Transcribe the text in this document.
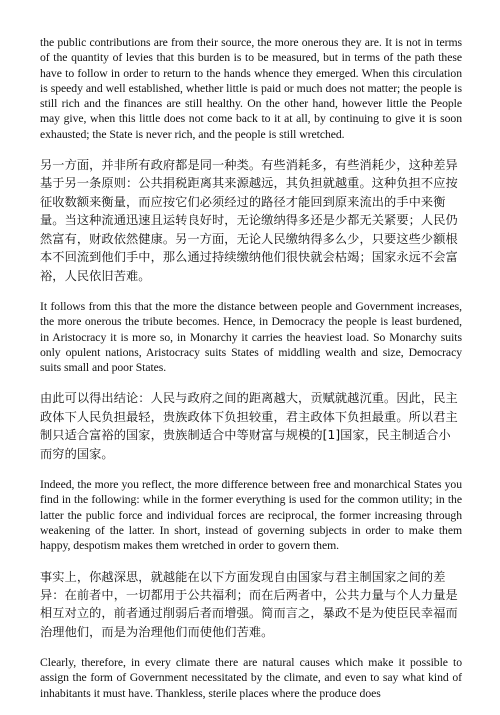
the public contributions are from their source, the more onerous they are. It is not in terms of the quantity of levies that this burden is to be measured, but in terms of the path these have to follow in order to return to the hands whence they emerged. When this circulation is speedy and well established, whether little is paid or much does not matter; the people is still rich and the finances are still healthy. On the other hand, however little the People may give, when this little does not come back to it at all, by continuing to give it is soon exhausted; the State is never rich, and the people is still wretched.

另一方面，并非所有政府都是同一种类。有些消耗多，有些消耗少，这种差异基于另一条原则：公共捐税距离其来源越远，其负担就越重。这种负担不应按征收数额来衡量，而应按它们必须经过的路径才能回到原来流出的手中来衡量。当这种流通迅速且运转良好时，无论缴纳得多还是少都无关紧要；人民仍然富有，财政依然健康。另一方面，无论人民缴纳得多么少，只要这些少额根本不回流到他们手中，那么通过持续缴纳他们很快就会枯竭；国家永远不会富裕，人民依旧苦难。

It follows from this that the more the distance between people and Government increases, the more onerous the tribute becomes. Hence, in Democracy the people is least burdened, in Aristocracy it is more so, in Monarchy it carries the heaviest load. So Monarchy suits only opulent nations, Aristocracy suits States of middling wealth and size, Democracy suits small and poor States.

由此可以得出结论：人民与政府之间的距离越大，贡赋就越沉重。因此，民主政体下人民负担最轻，贵族政体下负担较重，君主政体下负担最重。所以君主制只适合富裕的国家，贵族制适合中等财富与规模的[1]国家，民主制适合小而穷的国家。

Indeed, the more you reflect, the more difference between free and monarchical States you find in the following: while in the former everything is used for the common utility; in the latter the public force and individual forces are reciprocal, the former increasing through weakening of the latter. In short, instead of governing subjects in order to make them happy, despotism makes them wretched in order to govern them.

事实上，你越深思，就越能在以下方面发现自由国家与君主制国家之间的差异：在前者中，一切都用于公共福利；而在后两者中，公共力量与个人力量是相互对立的，前者通过削弱后者而增强。简而言之，暴政不是为使臣民幸福而治理他们，而是为治理他们而使他们苦难。

Clearly, therefore, in every climate there are natural causes which make it possible to assign the form of Government necessitated by the climate, and even to say what kind of inhabitants it must have. Thankless, sterile places where the produce does
